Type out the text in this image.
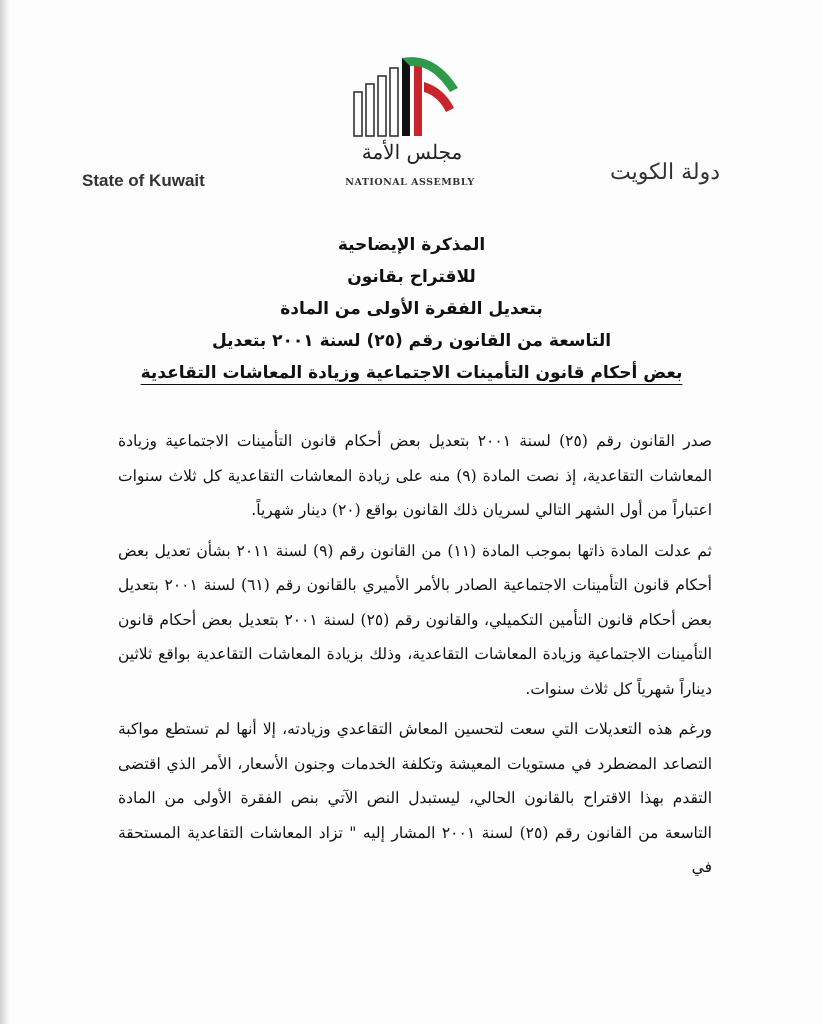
مجلس الأمة
NATIONAL ASSEMBLY
State of Kuwait	دولة الكويت
المذكرة الإيضاحية
للاقتراح بقانون
بتعديل الفقرة الأولى من المادة
التاسعة من القانون رقم (٢٥) لسنة ٢٠٠١ بتعديل
بعض أحكام قانون التأمينات الاجتماعية وزيادة المعاشات التقاعدية

صدر القانون رقم (٢٥) لسنة ٢٠٠١ بتعديل بعض أحكام قانون التأمينات الاجتماعية وزيادة المعاشات التقاعدية، إذ نصت المادة (٩) منه على زيادة المعاشات التقاعدية كل ثلاث سنوات اعتباراً من أول الشهر التالي لسريان ذلك القانون بواقع (٢٠) دينار شهرياً.

ثم عدلت المادة ذاتها بموجب المادة (١١) من القانون رقم (٩) لسنة ٢٠١١ بشأن تعديل بعض أحكام قانون التأمينات الاجتماعية الصادر بالأمر الأميري بالقانون رقم (٦١) لسنة ٢٠٠١ بتعديل بعض أحكام قانون التأمين التكميلي، والقانون رقم (٢٥) لسنة ٢٠٠١ بتعديل بعض أحكام قانون التأمينات الاجتماعية وزيادة المعاشات التقاعدية، وذلك بزيادة المعاشات التقاعدية بواقع ثلاثين ديناراً شهرياً كل ثلاث سنوات.

ورغم هذه التعديلات التي سعت لتحسين المعاش التقاعدي وزيادته، إلا أنها لم تستطع مواكبة التصاعد المضطرد في مستويات المعيشة وتكلفة الخدمات وجنون الأسعار، الأمر الذي اقتضى التقدم بهذا الاقتراح بالقانون الحالي، ليستبدل النص الآتي بنص الفقرة الأولى من المادة التاسعة من القانون رقم (٢٥) لسنة ٢٠٠١ المشار إليه " تزاد المعاشات التقاعدية المستحقة في
